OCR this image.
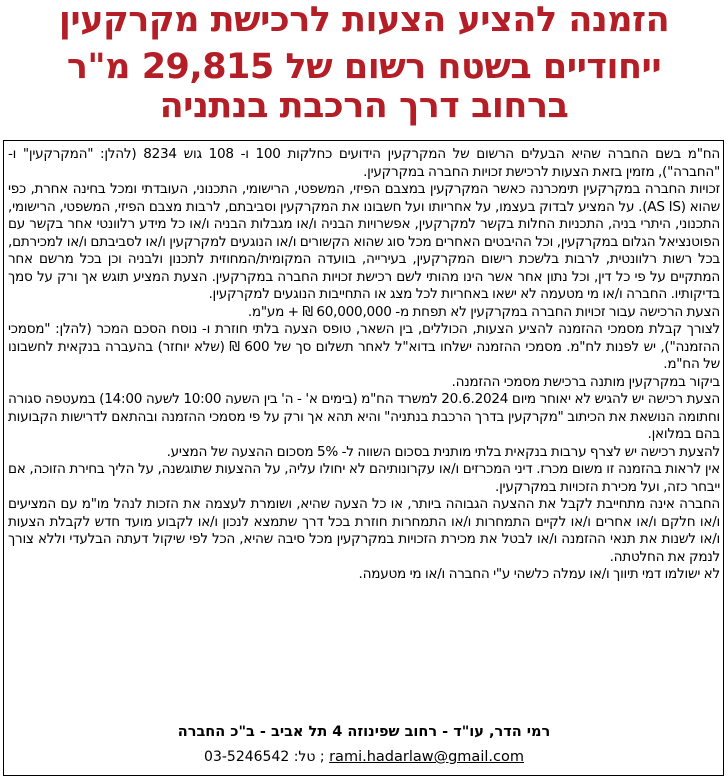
הזמנה להציע הצעות לרכישת מקרקעין
ייחודיים בשטח רשום של 29,815 מ"ר
ברחוב דרך הרכבת בנתניה

הח"מ בשם החברה שהיא הבעלים הרשום של המקרקעין הידועים כחלקות 100 ו- 108 גוש 8234 (להלן: "המקרקעין" ו- "החברה"), מזמין בזאת הצעות לרכישת זכויות החברה במקרקעין.

זכויות החברה במקרקעין תימכרנה כאשר המקרקעין במצבם הפיזי, המשפטי, הרישומי, התכנוני, העובדתי ומכל בחינה אחרת, כפי שהוא (AS IS). על המציע לבדוק בעצמו, על אחריותו ועל חשבונו את המקרקעין וסביבתם, לרבות מצבם הפיזי, המשפטי, הרישומי, התכנוני, היתרי בניה, התכניות החלות בקשר למקרקעין, אפשרויות הבניה ו/או מגבלות הבניה ו/או כל מידע רלוונטי אחר בקשר עם הפוטנציאל הגלום במקרקעין, וכל ההיבטים האחרים מכל סוג שהוא הקשורים ו/או הנוגעים למקרקעין ו/או לסביבתם ו/או למכירתם, בכל רשות רלוונטית, לרבות בלשכת רישום המקרקעין, בעירייה, בוועדה המקומית/המחוזית לתכנון ולבניה וכן בכל מרשם אחר המתקיים על פי כל דין, וכל נתון אחר אשר הינו מהותי לשם רכישת זכויות החברה במקרקעין. הצעת המציע תוגש אך ורק על סמך בדיקותיו. החברה ו/או מי מטעמה לא ישאו באחריות לכל מצג או התחייבות הנוגעים למקרקעין.

הצעת הרכישה עבור זכויות החברה במקרקעין לא תפחת מ- 60,000,000 ₪ + מע"מ.

לצורך קבלת מסמכי ההזמנה להציע הצעות, הכוללים, בין השאר, טופס הצעה בלתי חוזרת ו- נוסח הסכם המכר (להלן: "מסמכי ההזמנה"), יש לפנות לח"מ. מסמכי ההזמנה ישלחו בדוא"ל לאחר תשלום סך של 600 ₪ (שלא יוחזר) בהעברה בנקאית לחשבונו של הח"מ.

ביקור במקרקעין מותנה ברכישת מסמכי ההזמנה.

הצעת רכישה יש להגיש לא יאוחר מיום 20.6.2024 למשרד הח"מ (בימים א' - ה' בין השעה 10:00 לשעה 14:00) במעטפה סגורה וחתומה הנושאת את הכיתוב "מקרקעין בדרך הרכבת בנתניה" והיא תהא אך ורק על פי מסמכי ההזמנה ובהתאם לדרישות הקבועות בהם במלואן.

להצעת רכישה יש לצרף ערבות בנקאית בלתי מותנית בסכום השווה ל- 5% מסכום ההצעה של המציע.

אין לראות בהזמנה זו משום מכרז. דיני המכרזים ו/או עקרונותיהם לא יחולו עליה, על ההצעות שתוגשנה, על הליך בחירת הזוכה, אם ייבחר כזה, ועל מכירת הזכויות במקרקעין.

החברה אינה מתחייבת לקבל את ההצעה הגבוהה ביותר, או כל הצעה שהיא, ושומרת לעצמה את הזכות לנהל מו"מ עם המציעים ו/או חלקם ו/או אחרים ו/או לקיים התמחרות ו/או התמחרות חוזרת בכל דרך שתמצא לנכון ו/או לקבוע מועד חדש לקבלת הצעות ו/או לשנות את תנאי ההזמנה ו/או לבטל את מכירת הזכויות במקרקעין מכל סיבה שהיא, הכל לפי שיקול דעתה הבלעדי וללא צורך לנמק את החלטתה.

לא ישולמו דמי תיווך ו/או עמלה כלשהי ע"י החברה ו/או מי מטעמה.

רמי הדר, עו"ד - רחוב שפינוזה 4 תל אביב - ב"כ החברה
03-5246542 ; טל: rami.hadarlaw@gmail.com
